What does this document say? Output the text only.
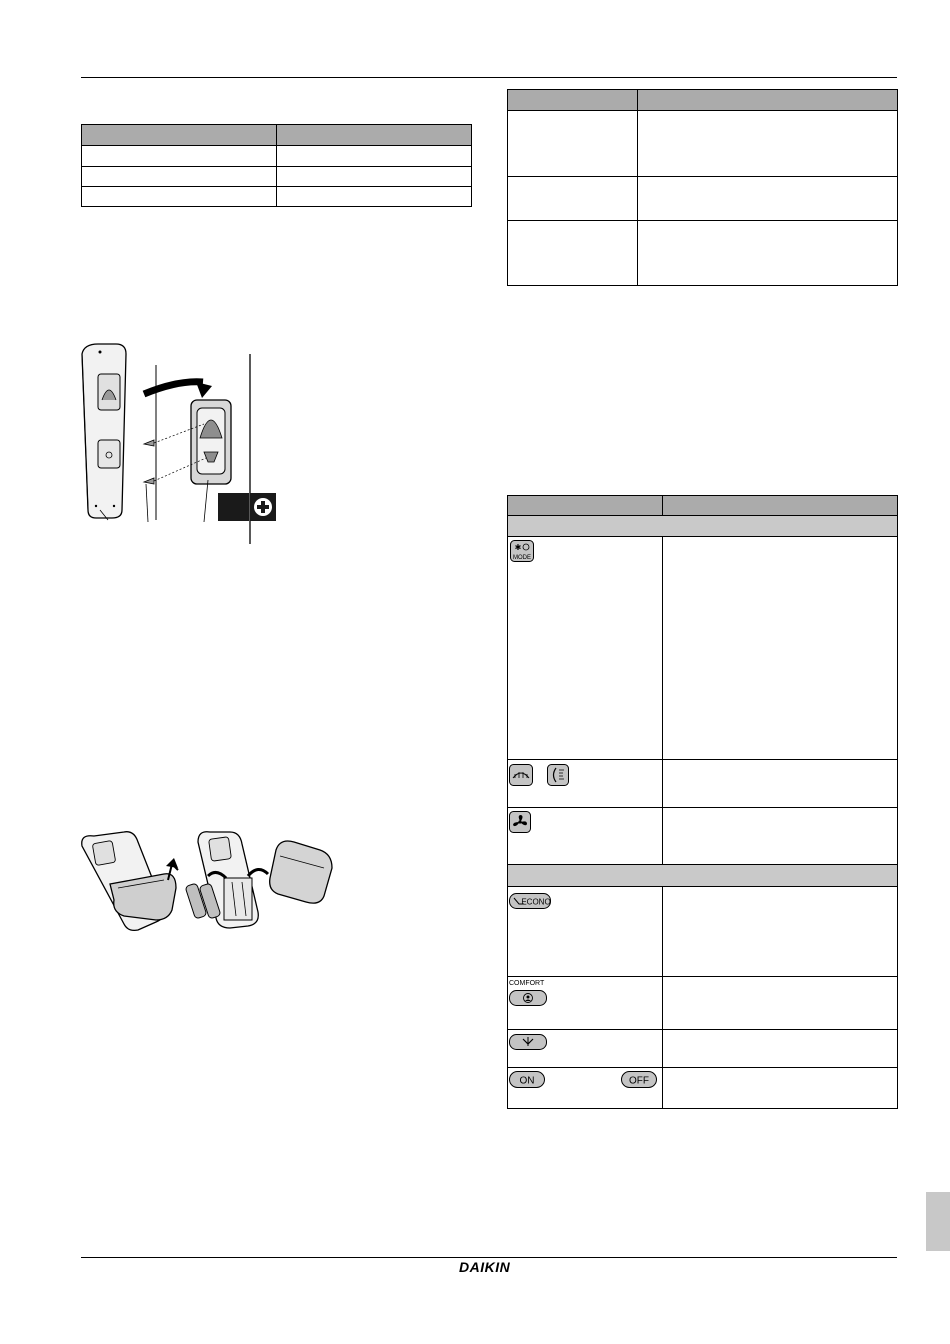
✱
MODE
ECONO
COMFORT
ON	OFF
DAIKIN
